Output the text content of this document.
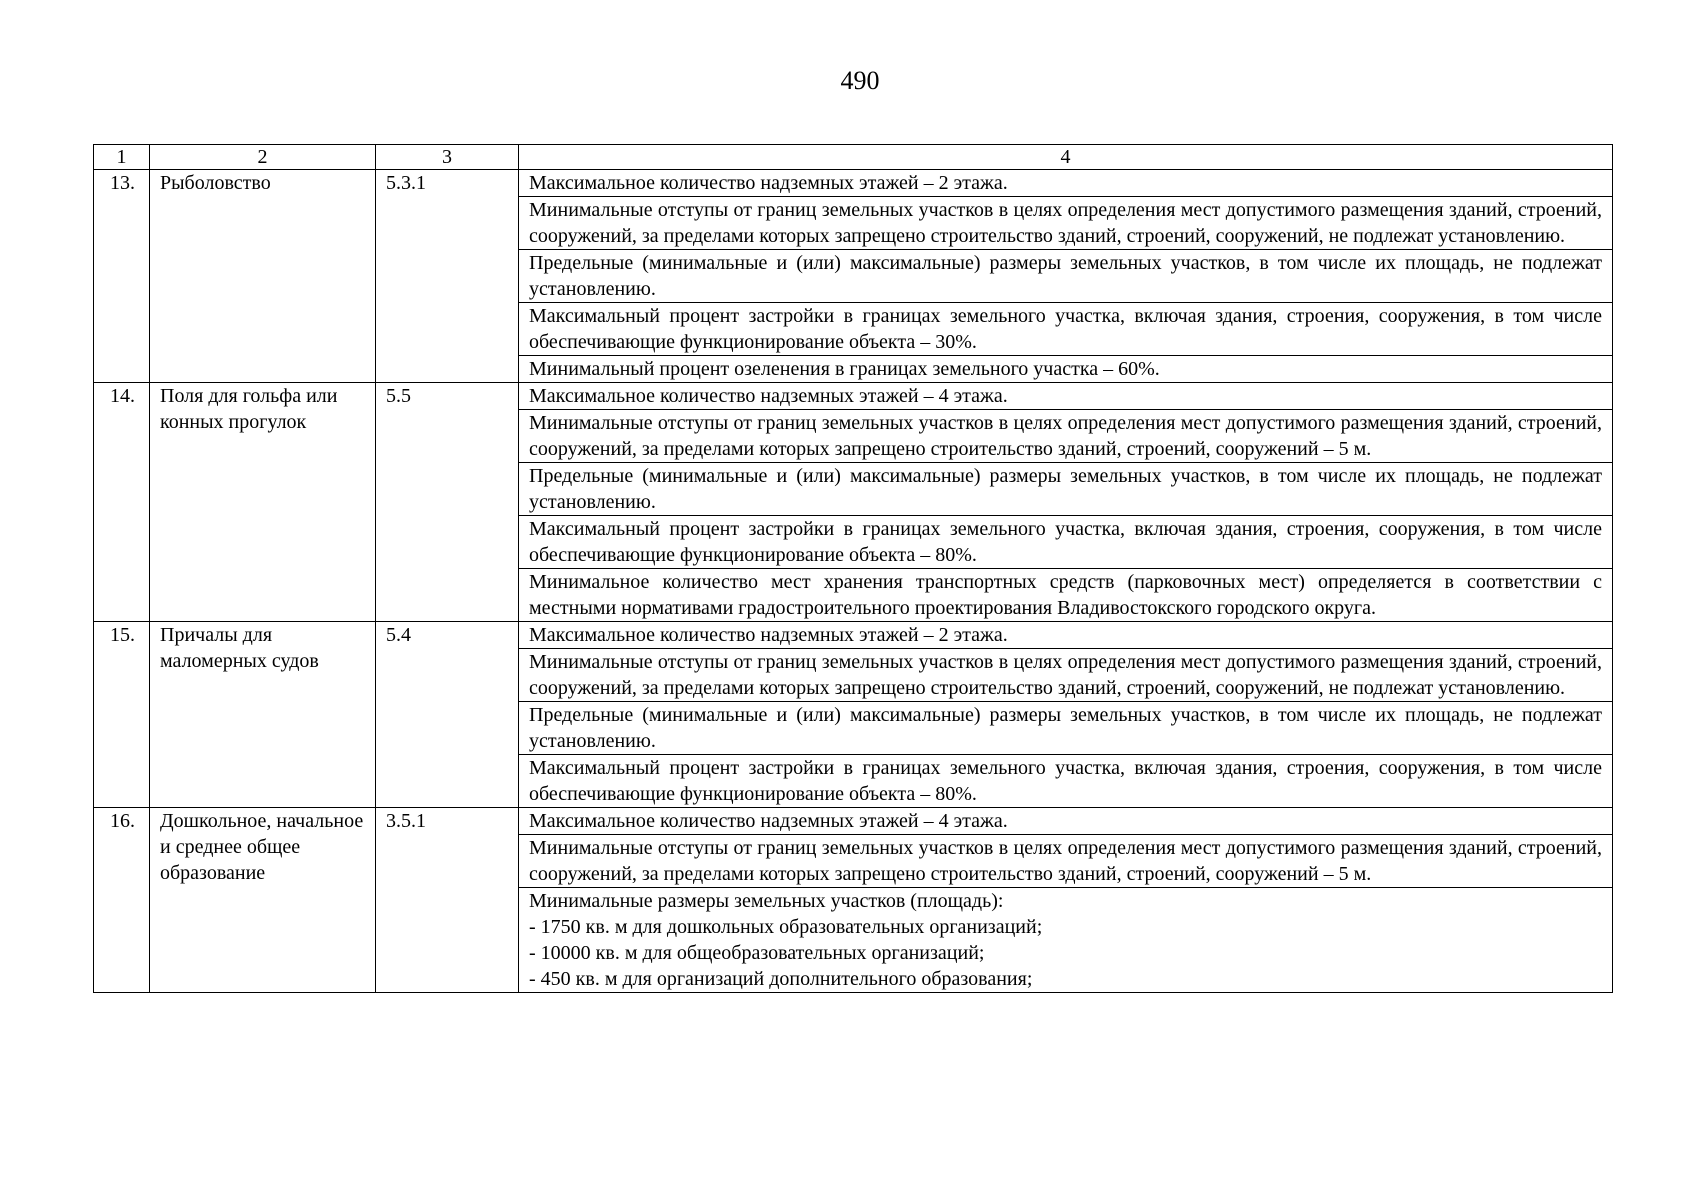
490
1	2	3	4
13.	Рыболовство	5.3.1	Максимальное количество надземных этажей – 2 этажа.
			Минимальные отступы от границ земельных участков в целях определения мест допустимого размещения зданий, строений, сооружений, за пределами которых запрещено строительство зданий, строений, сооружений, не подлежат установлению.
			Предельные (минимальные и (или) максимальные) размеры земельных участков, в том числе их площадь, не подлежат установлению.
			Максимальный процент застройки в границах земельного участка, включая здания, строения, сооружения, в том числе обеспечивающие функционирование объекта – 30%.
			Минимальный процент озеленения в границах земельного участка – 60%.
14.	Поля для гольфа или конных прогулок	5.5	Максимальное количество надземных этажей – 4 этажа.
			Минимальные отступы от границ земельных участков в целях определения мест допустимого размещения зданий, строений, сооружений, за пределами которых запрещено строительство зданий, строений, сооружений – 5 м.
			Предельные (минимальные и (или) максимальные) размеры земельных участков, в том числе их площадь, не подлежат установлению.
			Максимальный процент застройки в границах земельного участка, включая здания, строения, сооружения, в том числе обеспечивающие функционирование объекта – 80%.
			Минимальное количество мест хранения транспортных средств (парковочных мест) определяется в соответствии с местными нормативами градостроительного проектирования Владивостокского городского округа.
15.	Причалы для маломерных судов	5.4	Максимальное количество надземных этажей – 2 этажа.
			Минимальные отступы от границ земельных участков в целях определения мест допустимого размещения зданий, строений, сооружений, за пределами которых запрещено строительство зданий, строений, сооружений, не подлежат установлению.
			Предельные (минимальные и (или) максимальные) размеры земельных участков, в том числе их площадь, не подлежат установлению.
			Максимальный процент застройки в границах земельного участка, включая здания, строения, сооружения, в том числе обеспечивающие функционирование объекта – 80%.
16.	Дошкольное, начальное и среднее общее образование	3.5.1	Максимальное количество надземных этажей – 4 этажа.
			Минимальные отступы от границ земельных участков в целях определения мест допустимого размещения зданий, строений, сооружений, за пределами которых запрещено строительство зданий, строений, сооружений – 5 м.

			Минимальные размеры земельных участков (площадь):
- 1750 кв. м для дошкольных образовательных организаций;
- 10000 кв. м для общеобразовательных организаций;
- 450 кв. м для организаций дополнительного образования;
